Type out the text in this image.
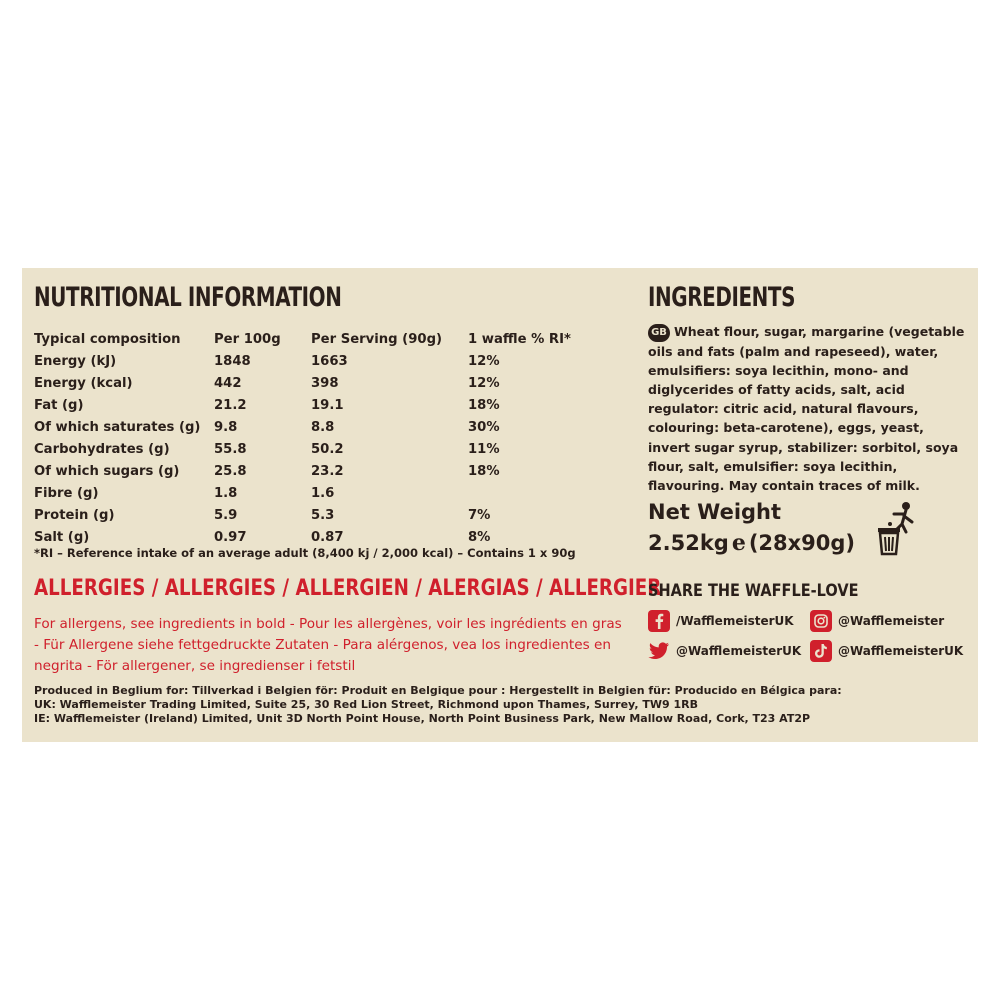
NUTRITIONAL INFORMATION
Typical composition	Per 100g	Per Serving (90g)	1 waffle % RI*
Energy (kJ)	1848	1663	12%
Energy (kcal)	442	398	12%
Fat (g)	21.2	19.1	18%
Of which saturates (g)	9.8	8.8	30%
Carbohydrates (g)	55.8	50.2	11%
Of which sugars (g)	25.8	23.2	18%
Fibre (g)	1.8	1.6	
Protein (g)	5.9	5.3	7%
Salt (g)	0.97	0.87	8%
*RI – Reference intake of an average adult (8,400 kj / 2,000 kcal) – Contains 1 x 90g
ALLERGIES / ALLERGIES / ALLERGIEN / ALERGIAS / ALLERGIER
For allergens, see ingredients in bold - Pour les allergènes, voir les ingrédients en gras - Für Allergene siehe fettgedruckte Zutaten - Para alérgenos, vea los ingredientes en negrita - För allergener, se ingredienser i fetstil
Produced in Beglium for: Tillverkad i Belgien för: Produit en Belgique pour : Hergestellt in Belgien für: Producido en Bélgica para:
UK: Wafflemeister Trading Limited, Suite 25, 30 Red Lion Street, Richmond upon Thames, Surrey, TW9 1RB
IE: Wafflemeister (Ireland) Limited, Unit 3D North Point House, North Point Business Park, New Mallow Road, Cork, T23 AT2P
INGREDIENTS
GB Wheat flour, sugar, margarine (vegetable oils and fats (palm and rapeseed), water, emulsifiers: soya lecithin, mono- and diglycerides of fatty acids, salt, acid regulator: citric acid, natural flavours, colouring: beta-carotene), eggs, yeast, invert sugar syrup, stabilizer: sorbitol, soya flour, salt, emulsifier: soya lecithin, flavouring. May contain traces of milk.
Net Weight
2.52kg e (28x90g)
SHARE THE WAFFLE-LOVE
/WafflemeisterUK	@Wafflemeister
@WafflemeisterUK	@WafflemeisterUK
